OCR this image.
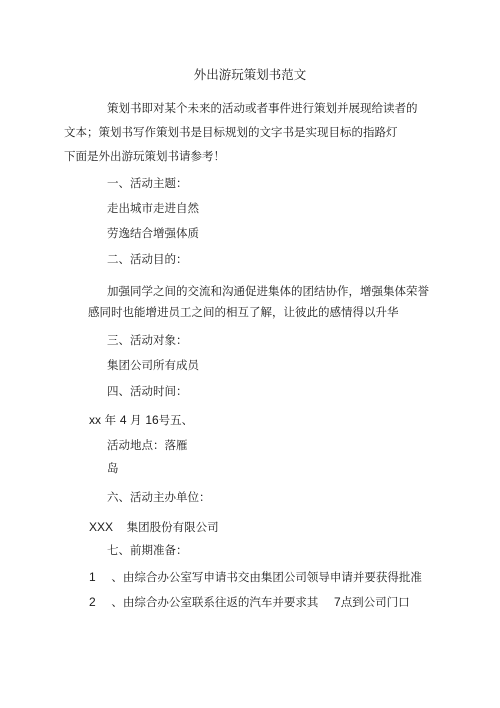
外出游玩策划书范文
策划书即对某个未来的活动或者事件进行策划并展现给读者的
文本；策划书写作策划书是目标规划的文字书是实现目标的指路灯
下面是外出游玩策划书请参考！
一、活动主题：
走出城市走进自然
劳逸结合增强体质
二、活动目的：
加强同学之间的交流和沟通促进集体的团结协作，增强集体荣誉
感同时也能增进员工之间的相互了解，让彼此的感情得以升华
三、活动对象：
集团公司所有成员
四、活动时间：
xx 年 4 月 16号五、
活动地点：落雁
岛
六、活动主办单位：
XXX 集团股份有限公司
七、前期准备：
1 、由综合办公室写申请书交由集团公司领导申请并要获得批准
2 、由综合办公室联系往返的汽车并要求其 7点到公司门口
